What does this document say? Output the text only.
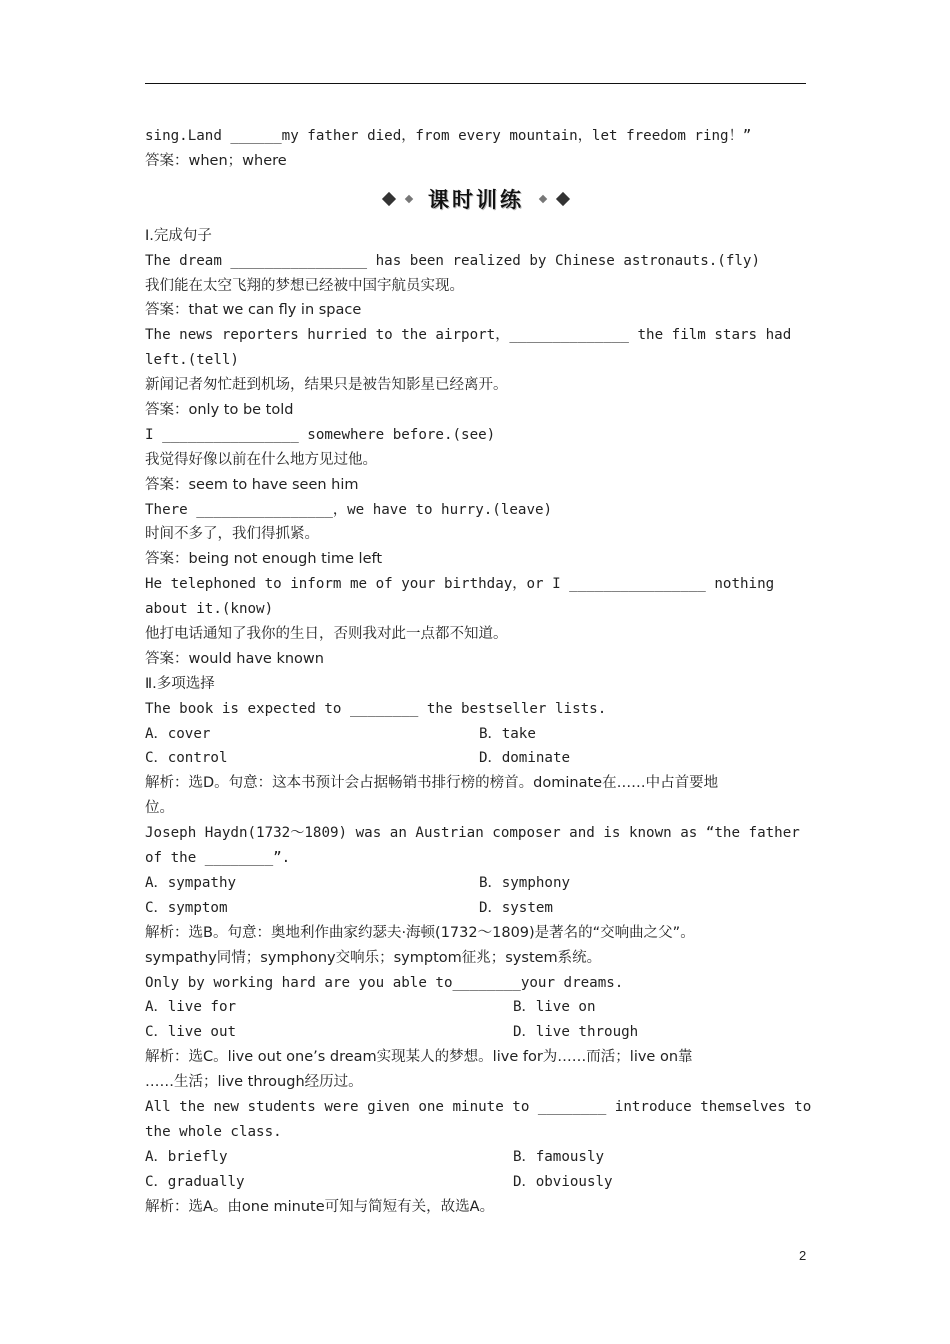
sing.Land ______my father died，from every mountain，let freedom ring！”
答案：when；where
课时训练
Ⅰ.完成句子
The dream ________________ has been realized by Chinese astronauts.(fly)
我们能在太空飞翔的梦想已经被中国宇航员实现。
答案：that we can fly in space
The news reporters hurried to the airport，______________ the film stars had
left.(tell)
新闻记者匆忙赶到机场，结果只是被告知影星已经离开。
答案：only to be told
I ________________ somewhere before.(see)
我觉得好像以前在什么地方见过他。
答案：seem to have seen him
There ________________，we have to hurry.(leave)
时间不多了，我们得抓紧。
答案：being not enough time left
He telephoned to inform me of your birthday，or I ________________ nothing
about it.(know)
他打电话通知了我你的生日，否则我对此一点都不知道。
答案：would have known
Ⅱ.多项选择
The book is expected to ________ the bestseller lists.
A．cover	B．take
C．control	D．dominate
解析：选D。句意：这本书预计会占据畅销书排行榜的榜首。dominate在……中占首要地
位。
Joseph Haydn(1732～1809) was an Austrian composer and is known as “the father
of the ________”.
A．sympathy	B．symphony
C．symptom	D．system
解析：选B。句意：奥地利作曲家约瑟夫·海顿(1732～1809)是著名的“交响曲之父”。
sympathy同情；symphony交响乐；symptom征兆；system系统。
Only by working hard are you able to________your dreams.
A．live for	B．live on
C．live out	D．live through
解析：选C。live out one’s dream实现某人的梦想。live for为……而活；live on靠
……生活；live through经历过。
All the new students were given one minute to ________ introduce themselves to
the whole class.
A．briefly	B．famously
C．gradually	D．obviously
解析：选A。由one minute可知与简短有关，故选A。
2
